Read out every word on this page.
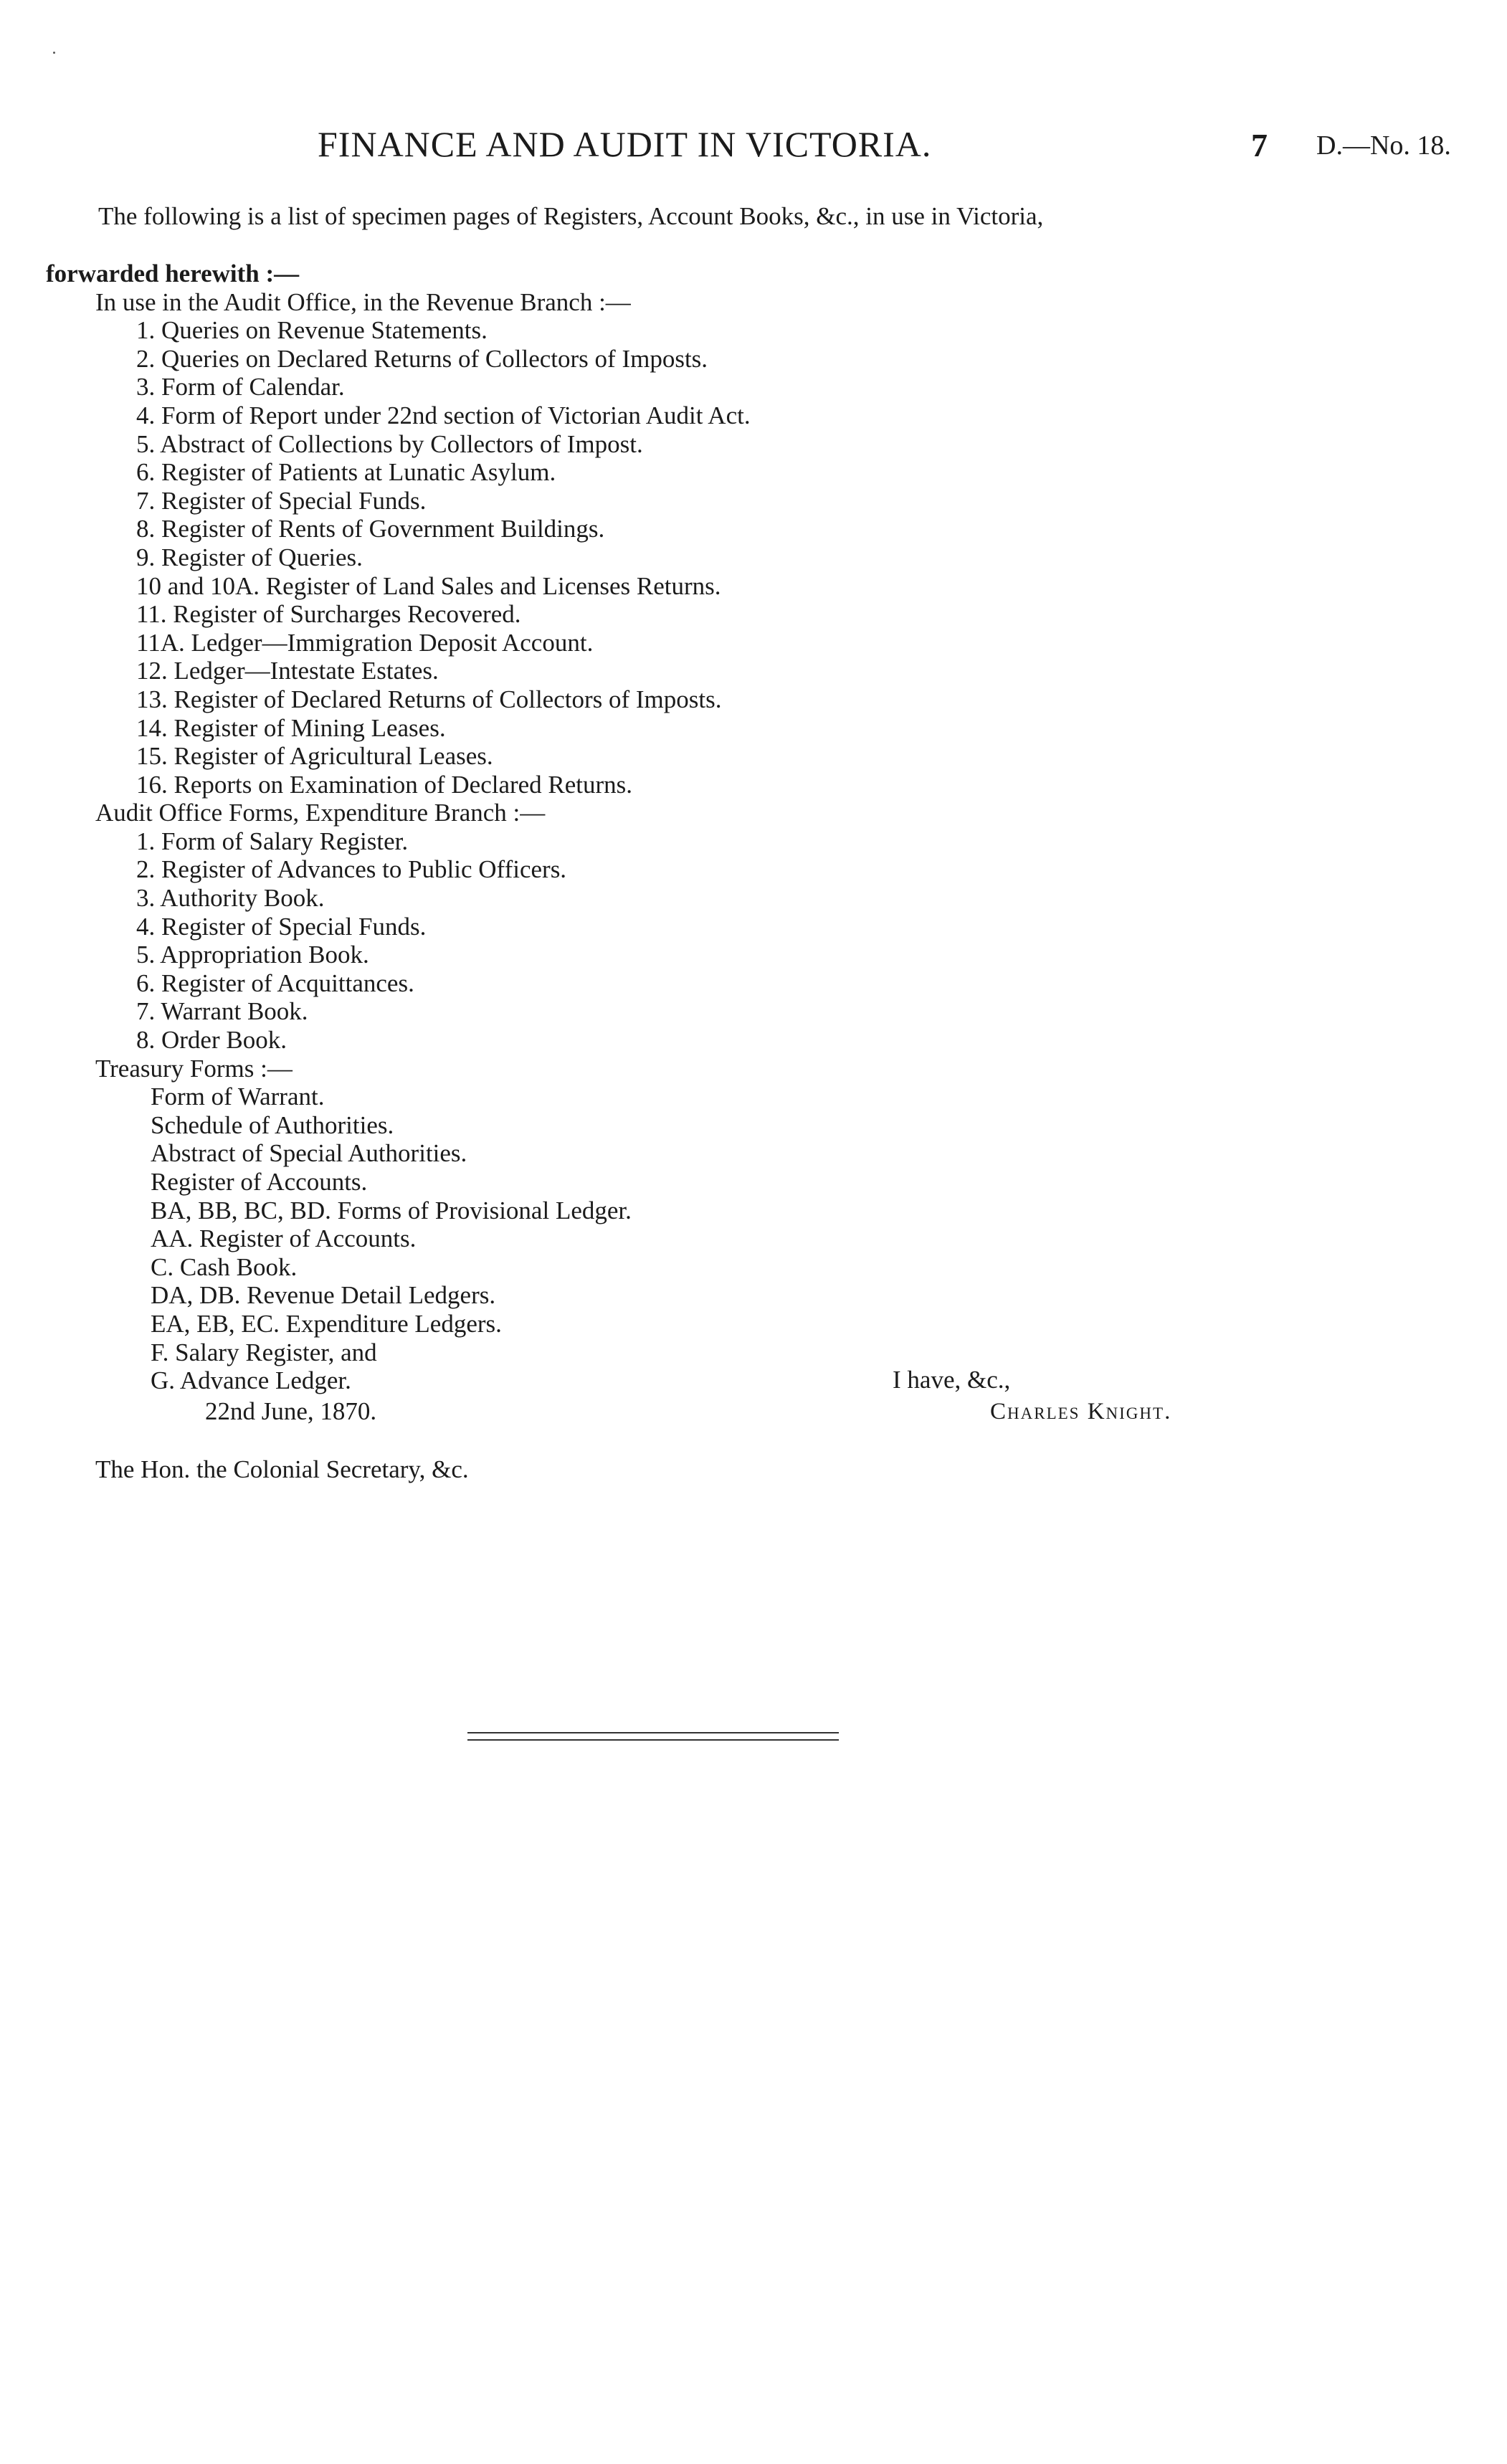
FINANCE AND AUDIT IN VICTORIA.	7 D.—No. 18.
The following is a list of specimen pages of Registers, Account Books, &c., in use in Victoria,
forwarded herewith :—
In use in the Audit Office, in the Revenue Branch :—
1. Queries on Revenue Statements.
2. Queries on Declared Returns of Collectors of Imposts.
3. Form of Calendar.
4. Form of Report under 22nd section of Victorian Audit Act.
5. Abstract of Collections by Collectors of Impost.
6. Register of Patients at Lunatic Asylum.
7. Register of Special Funds.
8. Register of Rents of Government Buildings.
9. Register of Queries.
10 and 10A. Register of Land Sales and Licenses Returns.
11. Register of Surcharges Recovered.
11A. Ledger—Immigration Deposit Account.
12. Ledger—Intestate Estates.
13. Register of Declared Returns of Collectors of Imposts.
14. Register of Mining Leases.
15. Register of Agricultural Leases.
16. Reports on Examination of Declared Returns.
Audit Office Forms, Expenditure Branch :—
1. Form of Salary Register.
2. Register of Advances to Public Officers.
3. Authority Book.
4. Register of Special Funds.
5. Appropriation Book.
6. Register of Acquittances.
7. Warrant Book.
8. Order Book.
Treasury Forms :—
Form of Warrant.
Schedule of Authorities.
Abstract of Special Authorities.
Register of Accounts.
BA, BB, BC, BD. Forms of Provisional Ledger.
AA. Register of Accounts.
C. Cash Book.
DA, DB. Revenue Detail Ledgers.
EA, EB, EC. Expenditure Ledgers.
F. Salary Register, and
G. Advance Ledger.	I have, &c.,
22nd June, 1870.	Charles Knight.
The Hon. the Colonial Secretary, &c.
